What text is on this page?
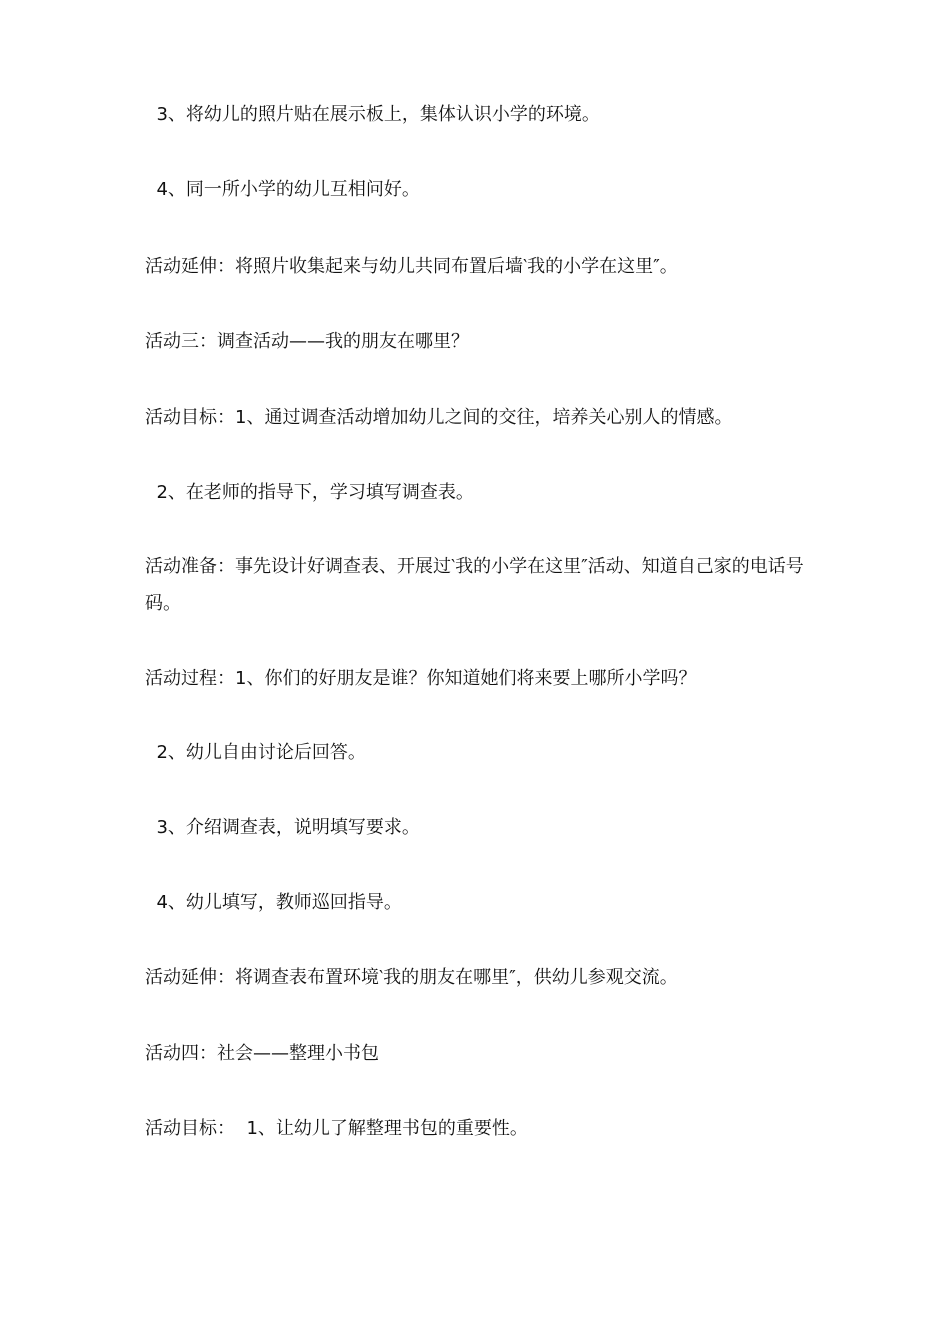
3、将幼儿的照片贴在展示板上，集体认识小学的环境。

4、同一所小学的幼儿互相问好。

活动延伸：将照片收集起来与幼儿共同布置后墙‵我的小学在这里″。

活动三：调查活动——我的朋友在哪里？

活动目标：1、通过调查活动增加幼儿之间的交往，培养关心别人的情感。

2、在老师的指导下，学习填写调查表。

活动准备：事先设计好调查表、开展过‵我的小学在这里″活动、知道自己家的电话号码。

活动过程：1、你们的好朋友是谁？你知道她们将来要上哪所小学吗？

2、幼儿自由讨论后回答。

3、介绍调查表，说明填写要求。

4、幼儿填写，教师巡回指导。

活动延伸：将调查表布置环境‵我的朋友在哪里″，供幼儿参观交流。

活动四：社会——整理小书包

活动目标：  1、让幼儿了解整理书包的重要性。
